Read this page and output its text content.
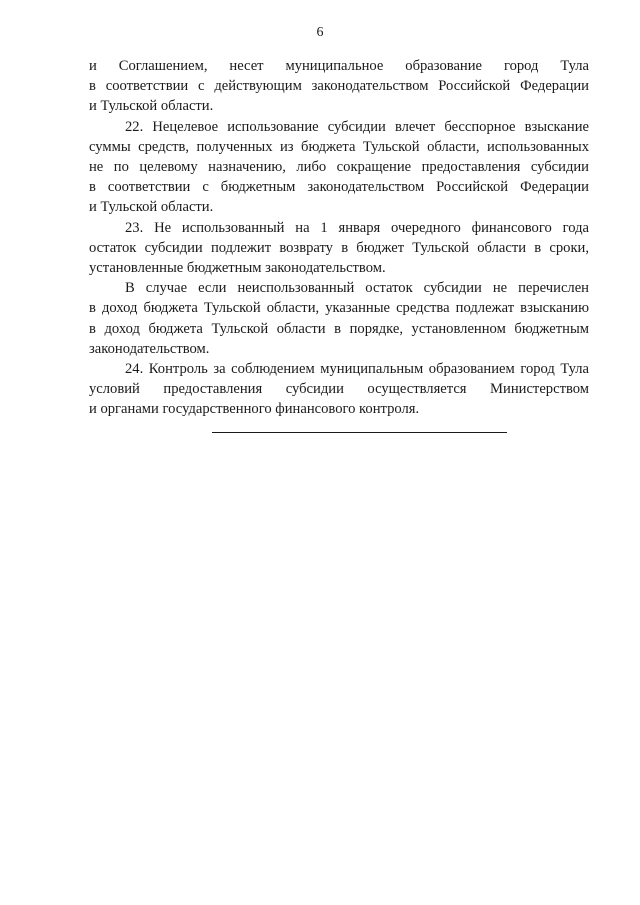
6

и Соглашением, несет муниципальное образование город Тула
в соответствии с действующим законодательством Российской Федерации
и Тульской области.

22. Нецелевое использование субсидии влечет бесспорное взыскание
суммы средств, полученных из бюджета Тульской области, использованных
не по целевому назначению, либо сокращение предоставления субсидии
в соответствии с бюджетным законодательством Российской Федерации
и Тульской области.

23. Не использованный на 1 января очередного финансового года
остаток субсидии подлежит возврату в бюджет Тульской области в сроки,
установленные бюджетным законодательством.

В случае если неиспользованный остаток субсидии не перечислен
в доход бюджета Тульской области, указанные средства подлежат взысканию
в доход бюджета Тульской области в порядке, установленном бюджетным
законодательством.

24. Контроль за соблюдением муниципальным образованием город Тула
условий предоставления субсидии осуществляется Министерством
и органами государственного финансового контроля.
